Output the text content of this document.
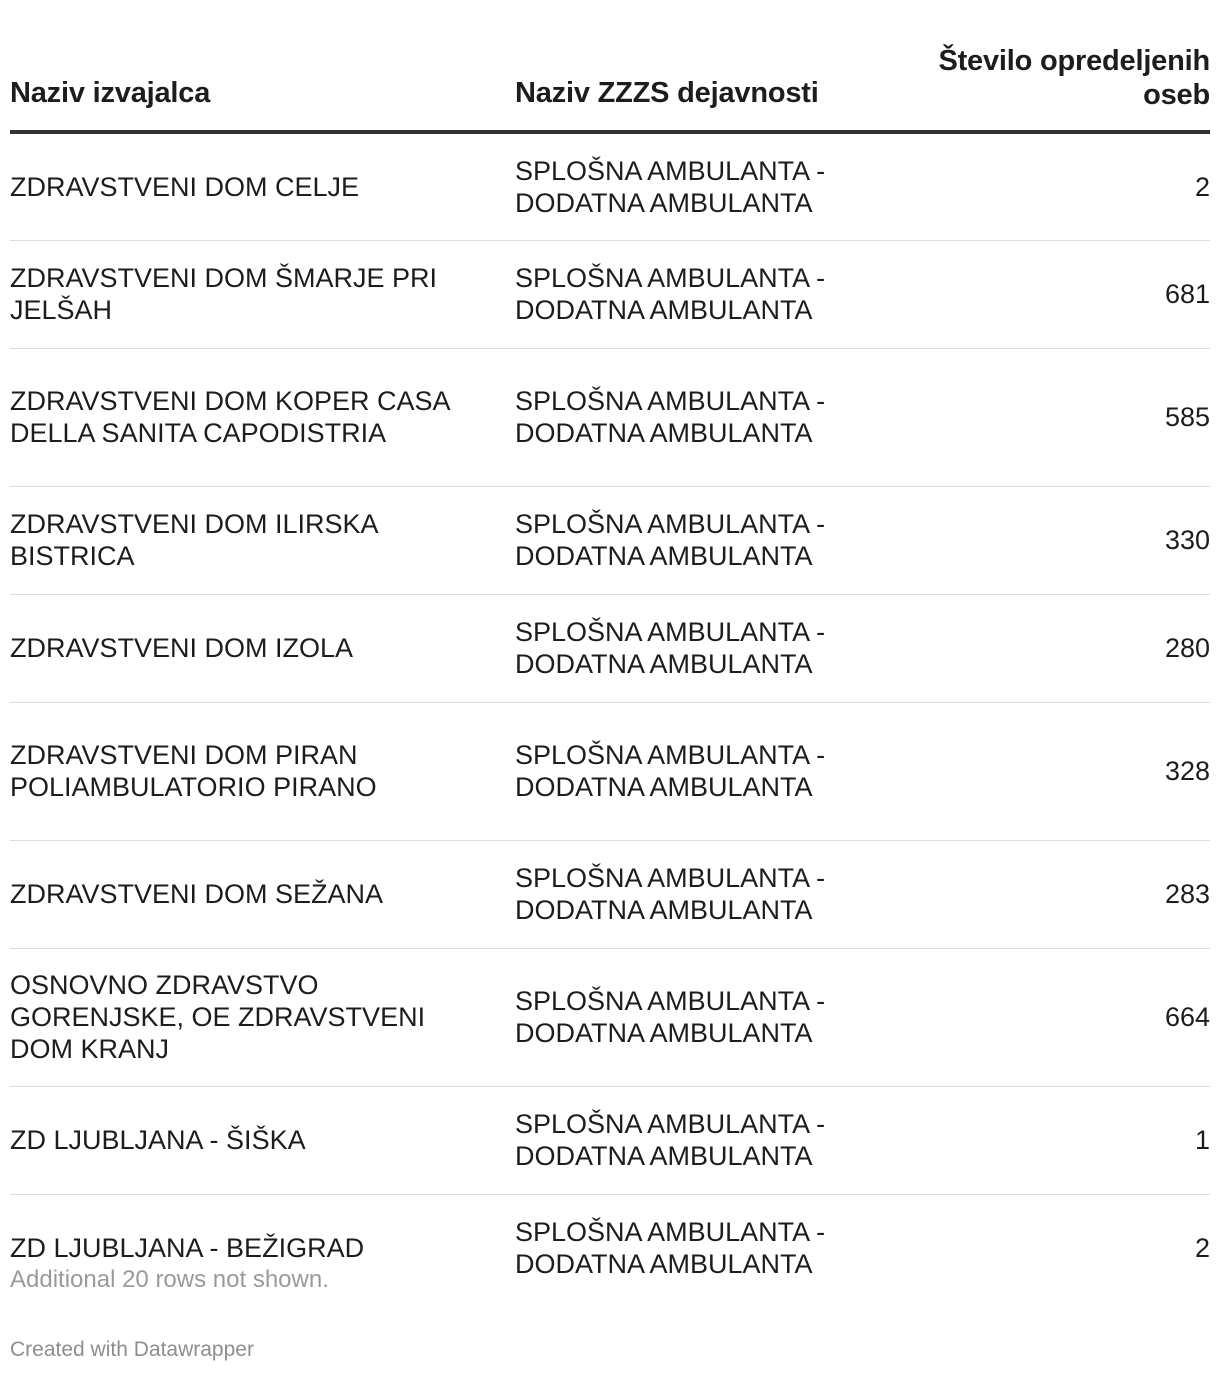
Naziv izvajalca	Naziv ZZZS dejavnosti	Število opredeljenih oseb
ZDRAVSTVENI DOM CELJE	SPLOŠNA AMBULANTA - DODATNA AMBULANTA	2
ZDRAVSTVENI DOM ŠMARJE PRI JELŠAH	SPLOŠNA AMBULANTA - DODATNA AMBULANTA	681
ZDRAVSTVENI DOM KOPER CASA DELLA SANITA CAPODISTRIA	SPLOŠNA AMBULANTA - DODATNA AMBULANTA	585
ZDRAVSTVENI DOM ILIRSKA BISTRICA	SPLOŠNA AMBULANTA - DODATNA AMBULANTA	330
ZDRAVSTVENI DOM IZOLA	SPLOŠNA AMBULANTA - DODATNA AMBULANTA	280
ZDRAVSTVENI DOM PIRAN POLIAMBULATORIO PIRANO	SPLOŠNA AMBULANTA - DODATNA AMBULANTA	328
ZDRAVSTVENI DOM SEŽANA	SPLOŠNA AMBULANTA - DODATNA AMBULANTA	283
OSNOVNO ZDRAVSTVO GORENJSKE, OE ZDRAVSTVENI DOM KRANJ	SPLOŠNA AMBULANTA - DODATNA AMBULANTA	664
ZD LJUBLJANA - ŠIŠKA	SPLOŠNA AMBULANTA - DODATNA AMBULANTA	1
ZD LJUBLJANA - BEŽIGRAD	SPLOŠNA AMBULANTA - DODATNA AMBULANTA	2
Additional 20 rows not shown.
Created with Datawrapper
